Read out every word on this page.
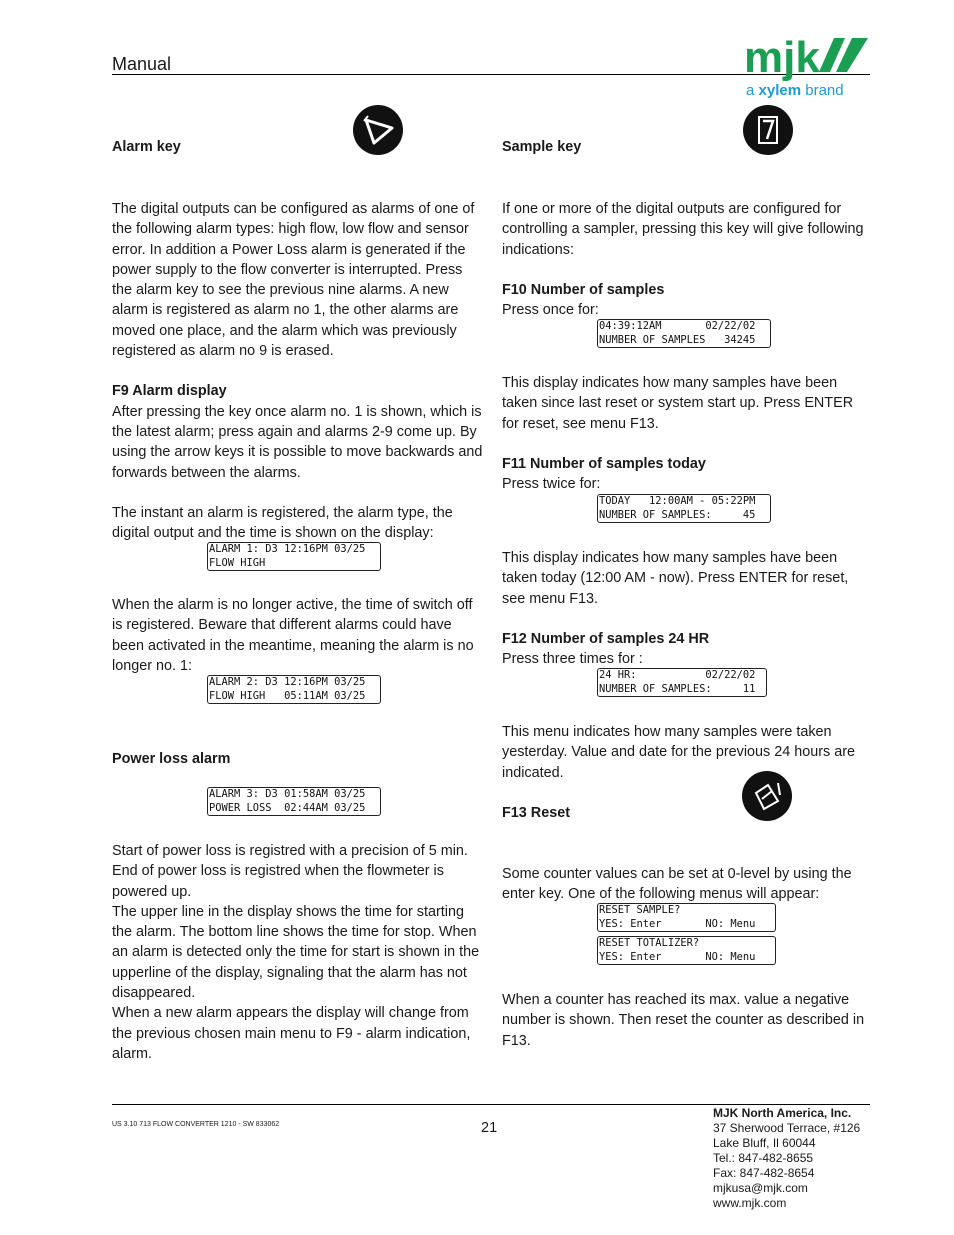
Manual	mjk
a xylem brand
Alarm key

The digital outputs can be configured as alarms of one of the following alarm types: high flow, low flow and sensor error. In addition a Power Loss alarm is generated if the power supply to the flow converter is interrupted. Press the alarm key to see the previous nine alarms. A new alarm is registered as alarm no 1, the other alarms are moved one place, and the alarm which was previously registered as alarm no 9 is erased.

F9 Alarm display

After pressing the key once alarm no. 1 is shown, which is the latest alarm; press again and alarms 2-9 come up. By using the arrow keys it is possible to move backwards and forwards between the alarms.

The instant an alarm is registered, the alarm type, the digital output and the time is shown on the display:

ALARM 1: D3 12:16PM 03/25
FLOW HIGH

When the alarm is no longer active, the time of switch off is registered. Beware that different alarms could have been activated in the meantime, meaning the alarm is no longer no. 1:

ALARM 2: D3 12:16PM 03/25
FLOW HIGH   05:11AM 03/25
Power loss alarm
ALARM 3: D3 01:58AM 03/25
POWER LOSS  02:44AM 03/25

Start of power loss is registred with a precision of 5 min. End of power loss is registred when the flowmeter is powered up.

The upper line in the display shows the time for starting the alarm. The bottom line shows the time for stop. When an alarm is detected only the time for start is shown in the upperline of the display, signaling that the alarm has not disappeared.

When a new alarm appears the display will change from the previous chosen main menu to F9 - alarm indication, alarm.

Sample key

If one or more of the digital outputs are configured for controlling a sampler, pressing this key will give following indications:

F10 Number of samples

Press once for:

04:39:12AM       02/22/02
NUMBER OF SAMPLES   34245

This display indicates how many samples have been taken since last reset or system start up. Press ENTER for reset, see menu F13.

F11 Number of samples today

Press twice for:

TODAY   12:00AM - 05:22PM
NUMBER OF SAMPLES:     45

This display indicates how many samples have been taken today (12:00 AM - now). Press ENTER for reset, see menu F13.

F12 Number of samples 24 HR

Press three times for :

24 HR:           02/22/02
NUMBER OF SAMPLES:     11

This menu indicates how many samples were taken yesterday. Value and date for the previous 24 hours are indicated.

F13 Reset

Some counter values can be set at 0-level by using the enter key. One of the following menus will appear:

RESET SAMPLE?
YES: Enter       NO: Menu
RESET TOTALIZER?
YES: Enter       NO: Menu

When a counter has reached its max. value a negative number is shown. Then reset the counter as described in F13.

US 3.10 713 FLOW CONVERTER 1210 - SW 833062	21
MJK North America, Inc.
37 Sherwood Terrace, #126
Lake Bluff, Il 60044
Tel.: 847-482-8655
Fax: 847-482-8654
mjkusa@mjk.com
www.mjk.com
